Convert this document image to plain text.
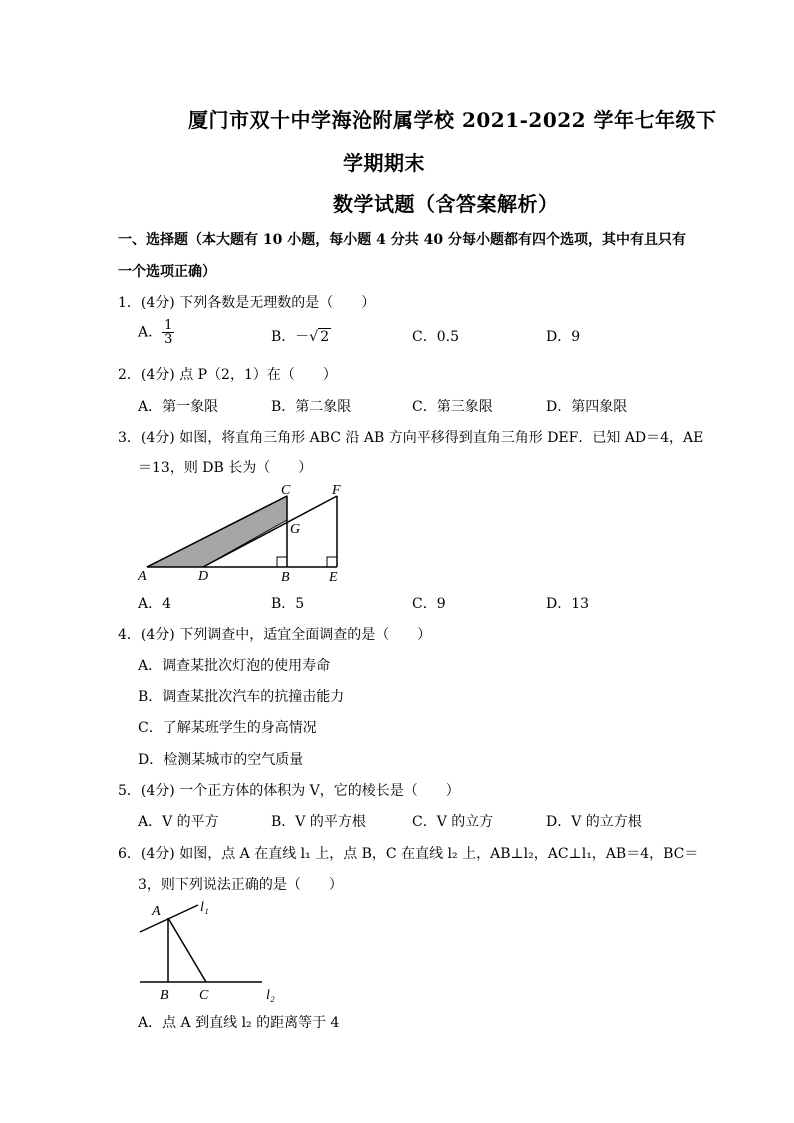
厦门市双十中学海沧附属学校 2021-2022 学年七年级下
学期期末
数学试题（含答案解析）
一、选择题（本大题有 10 小题，每小题 4 分共 40 分每小题都有四个选项，其中有且只有
一个选项正确）
1．(4分) 下列各数是无理数的是（　　）
A． $\frac{1}{3}$	B．－√ 2	C．0.5	D．9
2．(4分) 点 P（2，1）在（　　）
A．第一象限	B．第二象限	C．第三象限	D．第四象限
3．(4分) 如图，将直角三角形 ABC 沿 AB 方向平移得到直角三角形 DEF．已知 AD＝4，AE
＝13，则 DB 长为（　　）
A	D	B	E
C	F
G
A．4	B．5	C．9	D．13
4．(4分) 下列调查中，适宜全面调查的是（　　）
A．调查某批次灯泡的使用寿命
B．调查某批次汽车的抗撞击能力
C．了解某班学生的身高情况
D．检测某城市的空气质量
5．(4分) 一个正方体的体积为 V，它的棱长是（　　）
A．V 的平方	B．V 的平方根	C．V 的立方	D．V 的立方根
6．(4分) 如图，点 A 在直线 l₁ 上，点 B，C 在直线 l₂ 上，AB⊥l₂，AC⊥l₁，AB＝4，BC＝
3，则下列说法正确的是（　　）
A	l₁
B C	l₂
A．点 A 到直线 l₂ 的距离等于 4
